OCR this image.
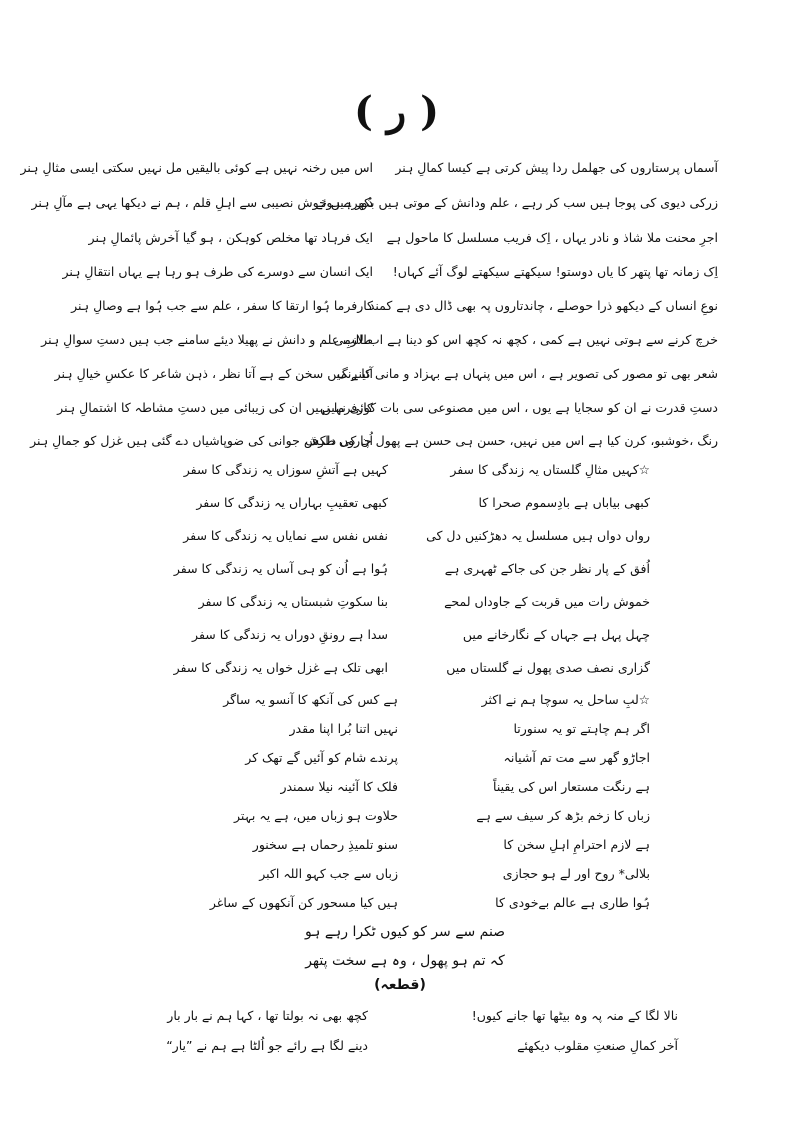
( ر )
آسماں پرستاروں کی جھلمل ردا پیش کرتی ہے کیسا کمالِ ہنر
اس میں رخنہ نہیں ہے کوئی بالیقیں مل نہیں سکتی ایسی مثالِ ہنر
زرکی دیوی کی پوجا ہیں سب کر رہے ، علم ودانش کے موتی ہیں بکھرے ہوئے
دُور ہیں خوش نصیبی سے اہلِ قلم ، ہم نے دیکھا یہی ہے مآلِ ہنر
اجرِ محنت ملا شاذ و نادر یہاں ، اِک فریب مسلسل کا ماحول ہے
ایک فرہاد تھا مخلص کوہکن ، ہو گیا آخرش پائمالِ ہنر
اِک زمانہ تھا پتھر کا یاں دوستو! سیکھتے سیکھتے لوگ آئے کہاں!
ایک انسان سے دوسرے کی طرف ہو رہا ہے یہاں انتقالِ ہنر
نوعِ انساں کے دیکھو ذرا حوصلے ، چاندتاروں پہ بھی ڈال دی ہے کمند
کارفرما ہُوا ارتقا کا سفر ، علم سے جب ہُوا ہے وصالِ ہنر
خرچ کرنے سے ہوتی نہیں ہے کمی ، کچھ نہ کچھ اس کو دینا ہے اب لازمی
طالبِ علم و دانش نے پھیلا دیئے سامنے جب ہیں دستِ سوالِ ہنر
شعر بھی تو مصور کی تصویر ہے ، اس میں پنہاں ہے بہزاد و مانی کا رنگ
آئینے میں سخن کے ہے آتا نظر ، ذہن شاعر کا عکسِ خیالِ ہنر
دستِ قدرت نے ان کو سجایا ہے یوں ، اس میں مصنوعی سی بات کوئی نہیں
کارفرما نہیں ان کی زیبائی میں دستِ مشاطہ کا اشتمالِ ہنر
رنگ ،خوشبو، کرن کیا ہے اس میں نہیں، حسن ہی حسن ہے پھول چاروں طرف
اُن کی دلکش جوانی کی ضوپاشیاں دے گئی ہیں غزل کو جمالِ ہنر
☆کہیں مثالِ گلستاں یہ زندگی کا سفر
کہیں ہے آتشِ سوزاں یہ زندگی کا سفر
کبھی بیاباں ہے بادِسموم صحرا کا
کبھی تعقیبِ بہاراں یہ زندگی کا سفر
رواں دواں ہیں مسلسل یہ دھڑکنیں دل کی
نفس نفس سے نمایاں یہ زندگی کا سفر
اُفق کے پار نظر جن کی جاکے ٹھہری ہے
ہُوا ہے اُن کو ہی آساں یہ زندگی کا سفر
خموش رات میں قربت کے جاوداں لمحے
بنا سکوتِ شبستاں یہ زندگی کا سفر
چہل پہل ہے جہاں کے نگارخانے میں
سدا ہے رونقِ دوراں یہ زندگی کا سفر
گزاری نصف صدی پھول نے گلستاں میں
ابھی تلک ہے غزل خواں یہ زندگی کا سفر
☆لبِ ساحل یہ سوچا ہم نے اکثر
ہے کس کی آنکھ کا آنسو یہ ساگر
اگر ہم چاہتے تو یہ سنورتا
نہیں اتنا بُرا اپنا مقدر
اجاڑو گھر سے مت تم آشیانہ
پرندے شام کو آئیں گے تھک کر
ہے رنگت مستعار اس کی یقیناً
فلک کا آئینہ نیلا سمندر
زباں کا زخم بڑھ کر سیف سے ہے
حلاوت ہو زباں میں، ہے یہ بہتر
ہے لازم احترامِ اہلِ سخن کا
سنو تلمیذِ رحماں ہے سخنور
بلالی* روح اور لے ہو حجازی
زباں سے جب کہو اللہ اکبر
ہُوا طاری ہے عالم بےخودی کا
ہیں کیا مسحور کن آنکھوں کے ساغر
صنم سے سر کو کیوں ٹکرا رہے ہو
کہ تم ہو پھول ، وہ ہے سخت پتھر
(قطعہ)
نالا لگا کے منہ پہ وہ بیٹھا تھا جانے کیوں!
کچھ بھی نہ بولتا تھا ، کہا ہم نے بار بار
آخر کمالِ صنعتِ مقلوب دیکھئے
دینے لگا ہے رائے جو اُلٹا ہے ہم نے ”یار“
